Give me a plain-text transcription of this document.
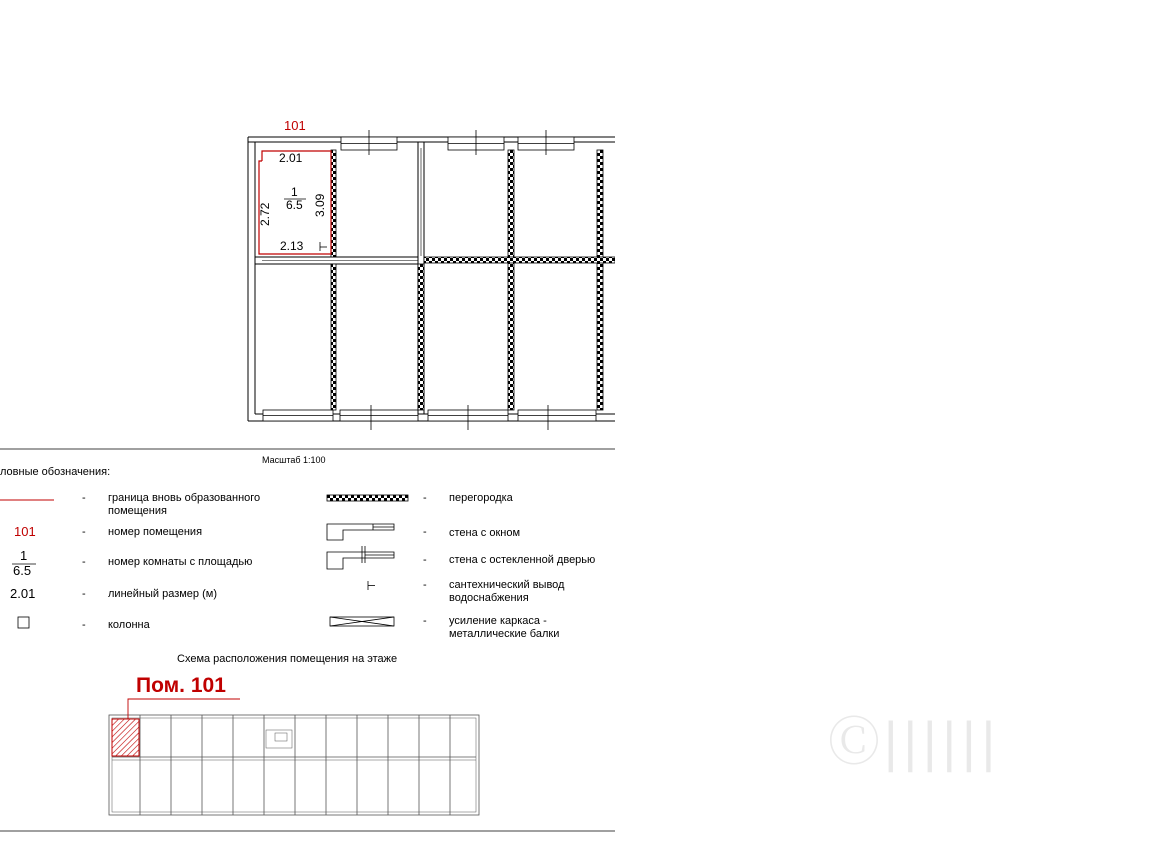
101
2.01
2.72	3.09
2.13
1
6.5
Масштаб 1:100
ловные обозначения:
101
1
6.5
2.01
-
-
-
-
-
граница вновь образованного помещения
номер помещения
номер комнаты с площадью
линейный размер (м)
колонна
-
-
-
-
-
перегородка
стена с окном
стена с остекленной дверью
сантехнический вывод водоснабжения
усиление каркаса - металлические балки
Схема расположения помещения на этаже
Пом. 101
Ⓒ||||||
